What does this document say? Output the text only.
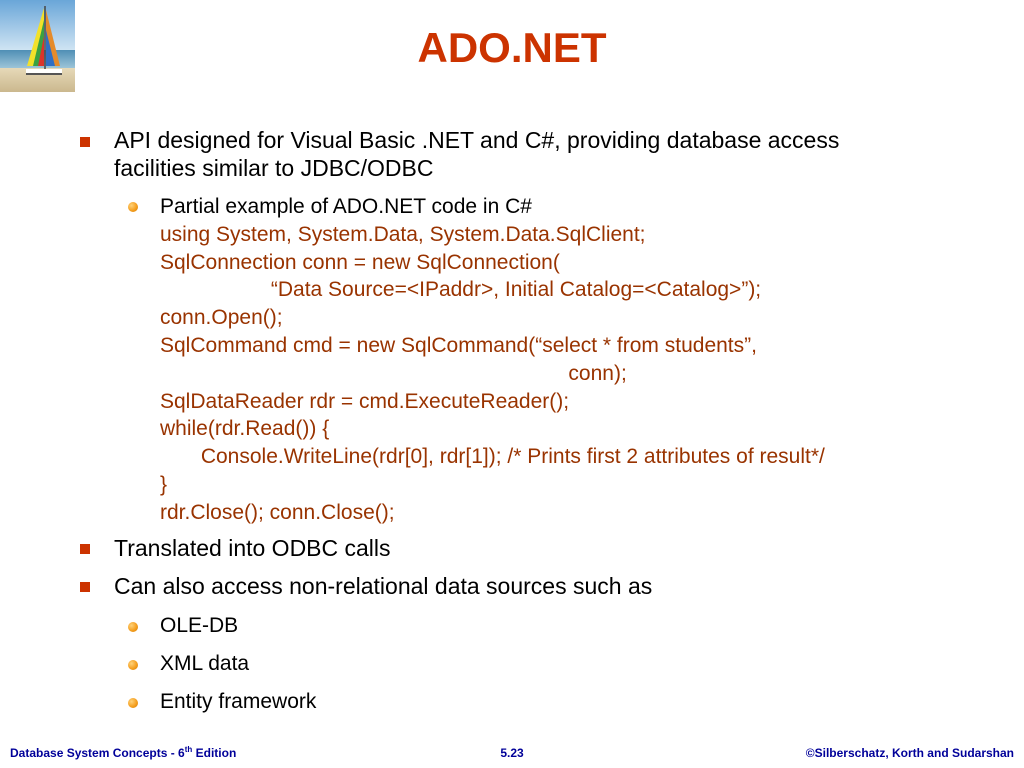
ADO.NET
API designed for Visual Basic .NET and C#, providing database access
facilities similar to JDBC/ODBC
Partial example of ADO.NET code in C#
using System, System.Data, System.Data.SqlClient;
SqlConnection conn = new SqlConnection(
“Data Source=<IPaddr>, Initial Catalog=<Catalog>”);
conn.Open();
SqlCommand cmd = new SqlCommand(“select * from students”,
conn);
SqlDataReader rdr = cmd.ExecuteReader();
while(rdr.Read()) {
Console.WriteLine(rdr[0], rdr[1]); /* Prints first 2 attributes of result*/
}
rdr.Close(); conn.Close();
Translated into ODBC calls
Can also access non-relational data sources such as
OLE-DB
XML data
Entity framework
Database System Concepts - 6th Edition	5.23	©Silberschatz, Korth and Sudarshan
